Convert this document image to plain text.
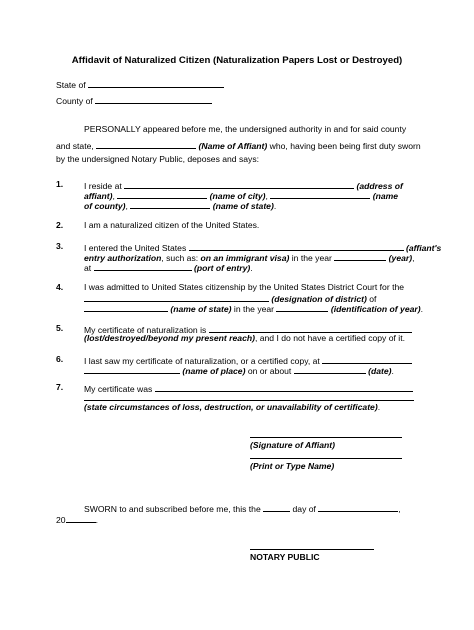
Affidavit of Naturalized Citizen (Naturalization Papers Lost or Destroyed)
State of
County of
PERSONALLY appeared before me, the undersigned authority in and for said county
and state,	(Name of Affiant) who, having been being first duty sworn
by the undersigned Notary Public, deposes and says:
1. I reside at	(address of
affiant),	(name of city),	(name
of county),	(name of state).
2. I am a naturalized citizen of the United States.
3. I entered the United States	(affiant's
entry authorization, such as: on an immigrant visa) in the year	(year),
at	(port of entry).
4. I was admitted to United States citizenship by the United States District Court for the
(designation of district) of
(name of state) in the year	(identification of year).
5. My certificate of naturalization is
(lost/destroyed/beyond my present reach), and I do not have a certified copy of it.
6. I last saw my certificate of naturalization, or a certified copy, at
(name of place) on or about	(date).
7. My certificate was
(state circumstances of loss, destruction, or unavailability of certificate).
(Signature of Affiant)
(Print or Type Name)
SWORN to and subscribed before me, this the	day of	,
20	.
NOTARY PUBLIC
